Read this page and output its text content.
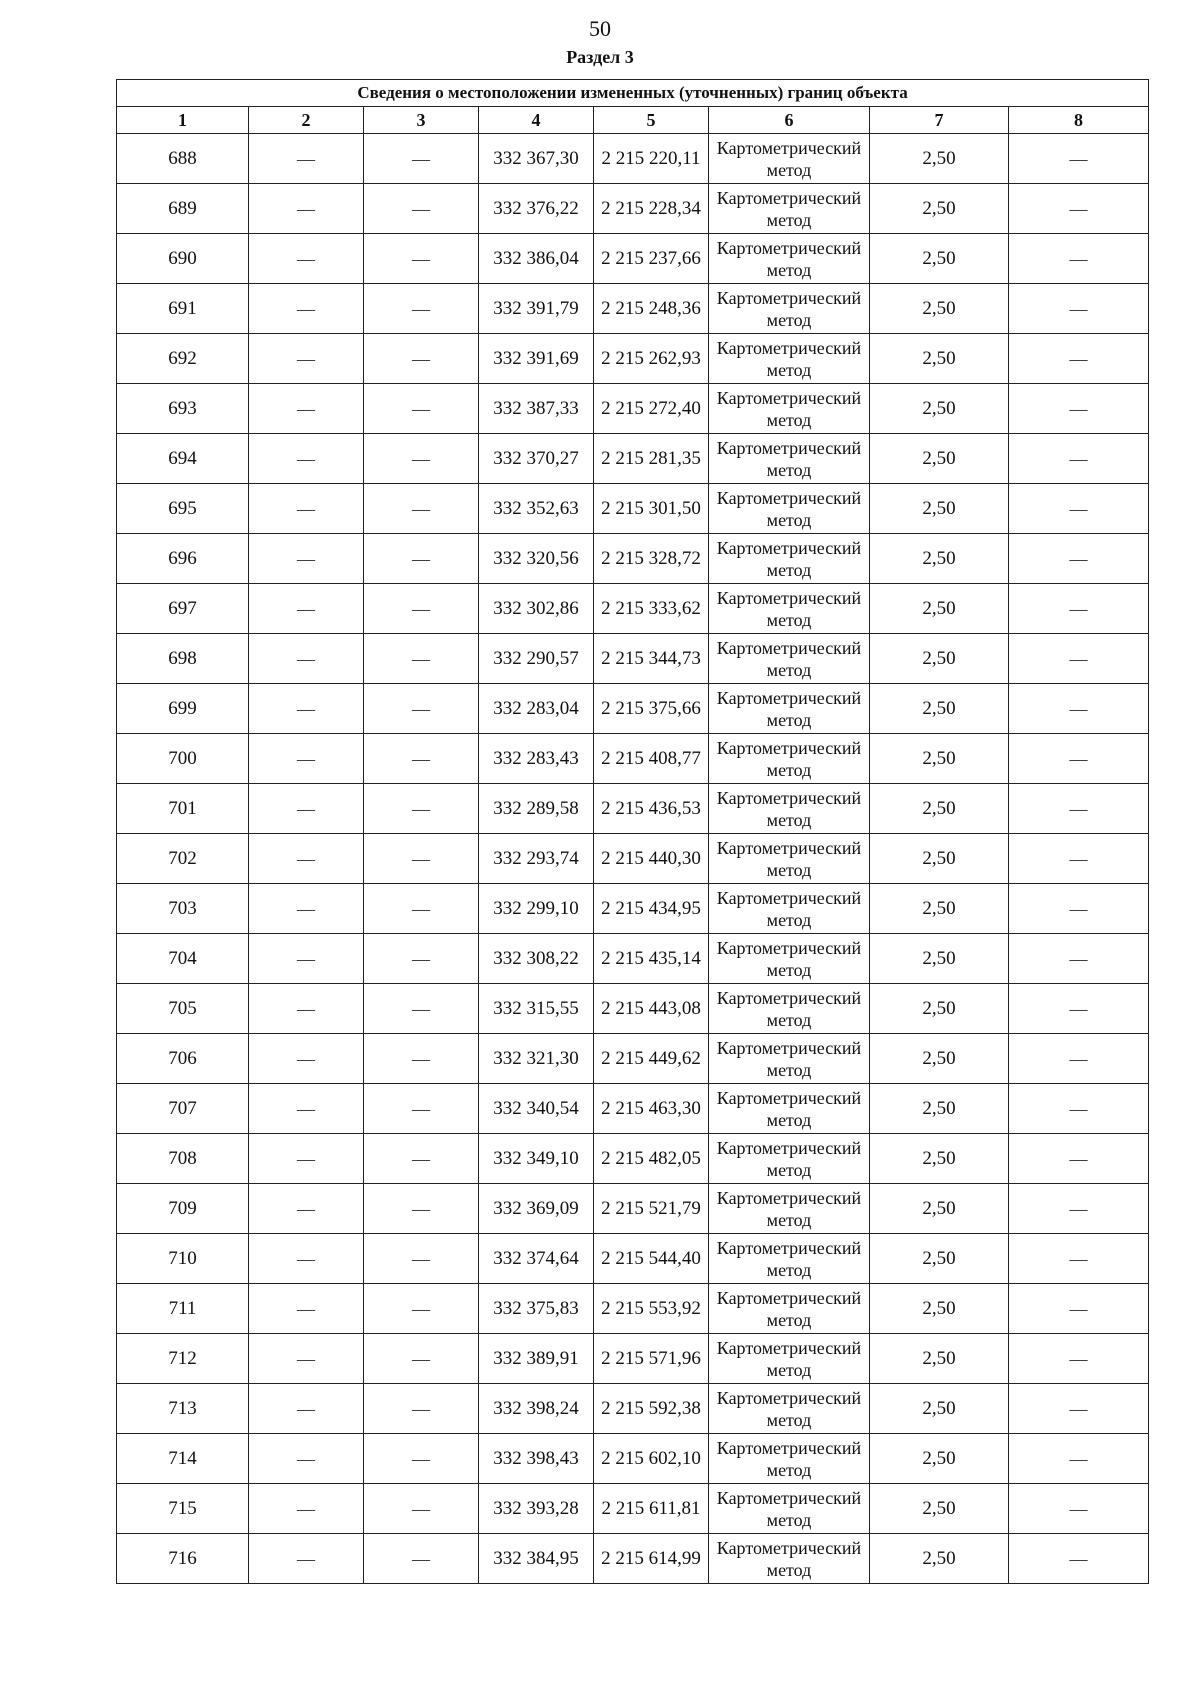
50
Раздел 3
Сведения о местоположении измененных (уточненных) границ объекта							
1	2	3	4	5	6	7	8
688	—	—	332 367,30	2 215 220,11	Картометрический метод	2,50	—
689	—	—	332 376,22	2 215 228,34	Картометрический метод	2,50	—
690	—	—	332 386,04	2 215 237,66	Картометрический метод	2,50	—
691	—	—	332 391,79	2 215 248,36	Картометрический метод	2,50	—
692	—	—	332 391,69	2 215 262,93	Картометрический метод	2,50	—
693	—	—	332 387,33	2 215 272,40	Картометрический метод	2,50	—
694	—	—	332 370,27	2 215 281,35	Картометрический метод	2,50	—
695	—	—	332 352,63	2 215 301,50	Картометрический метод	2,50	—
696	—	—	332 320,56	2 215 328,72	Картометрический метод	2,50	—
697	—	—	332 302,86	2 215 333,62	Картометрический метод	2,50	—
698	—	—	332 290,57	2 215 344,73	Картометрический метод	2,50	—
699	—	—	332 283,04	2 215 375,66	Картометрический метод	2,50	—
700	—	—	332 283,43	2 215 408,77	Картометрический метод	2,50	—
701	—	—	332 289,58	2 215 436,53	Картометрический метод	2,50	—
702	—	—	332 293,74	2 215 440,30	Картометрический метод	2,50	—
703	—	—	332 299,10	2 215 434,95	Картометрический метод	2,50	—
704	—	—	332 308,22	2 215 435,14	Картометрический метод	2,50	—
705	—	—	332 315,55	2 215 443,08	Картометрический метод	2,50	—
706	—	—	332 321,30	2 215 449,62	Картометрический метод	2,50	—
707	—	—	332 340,54	2 215 463,30	Картометрический метод	2,50	—
708	—	—	332 349,10	2 215 482,05	Картометрический метод	2,50	—
709	—	—	332 369,09	2 215 521,79	Картометрический метод	2,50	—
710	—	—	332 374,64	2 215 544,40	Картометрический метод	2,50	—
711	—	—	332 375,83	2 215 553,92	Картометрический метод	2,50	—
712	—	—	332 389,91	2 215 571,96	Картометрический метод	2,50	—
713	—	—	332 398,24	2 215 592,38	Картометрический метод	2,50	—
714	—	—	332 398,43	2 215 602,10	Картометрический метод	2,50	—
715	—	—	332 393,28	2 215 611,81	Картометрический метод	2,50	—
716	—	—	332 384,95	2 215 614,99	Картометрический метод	2,50	—
